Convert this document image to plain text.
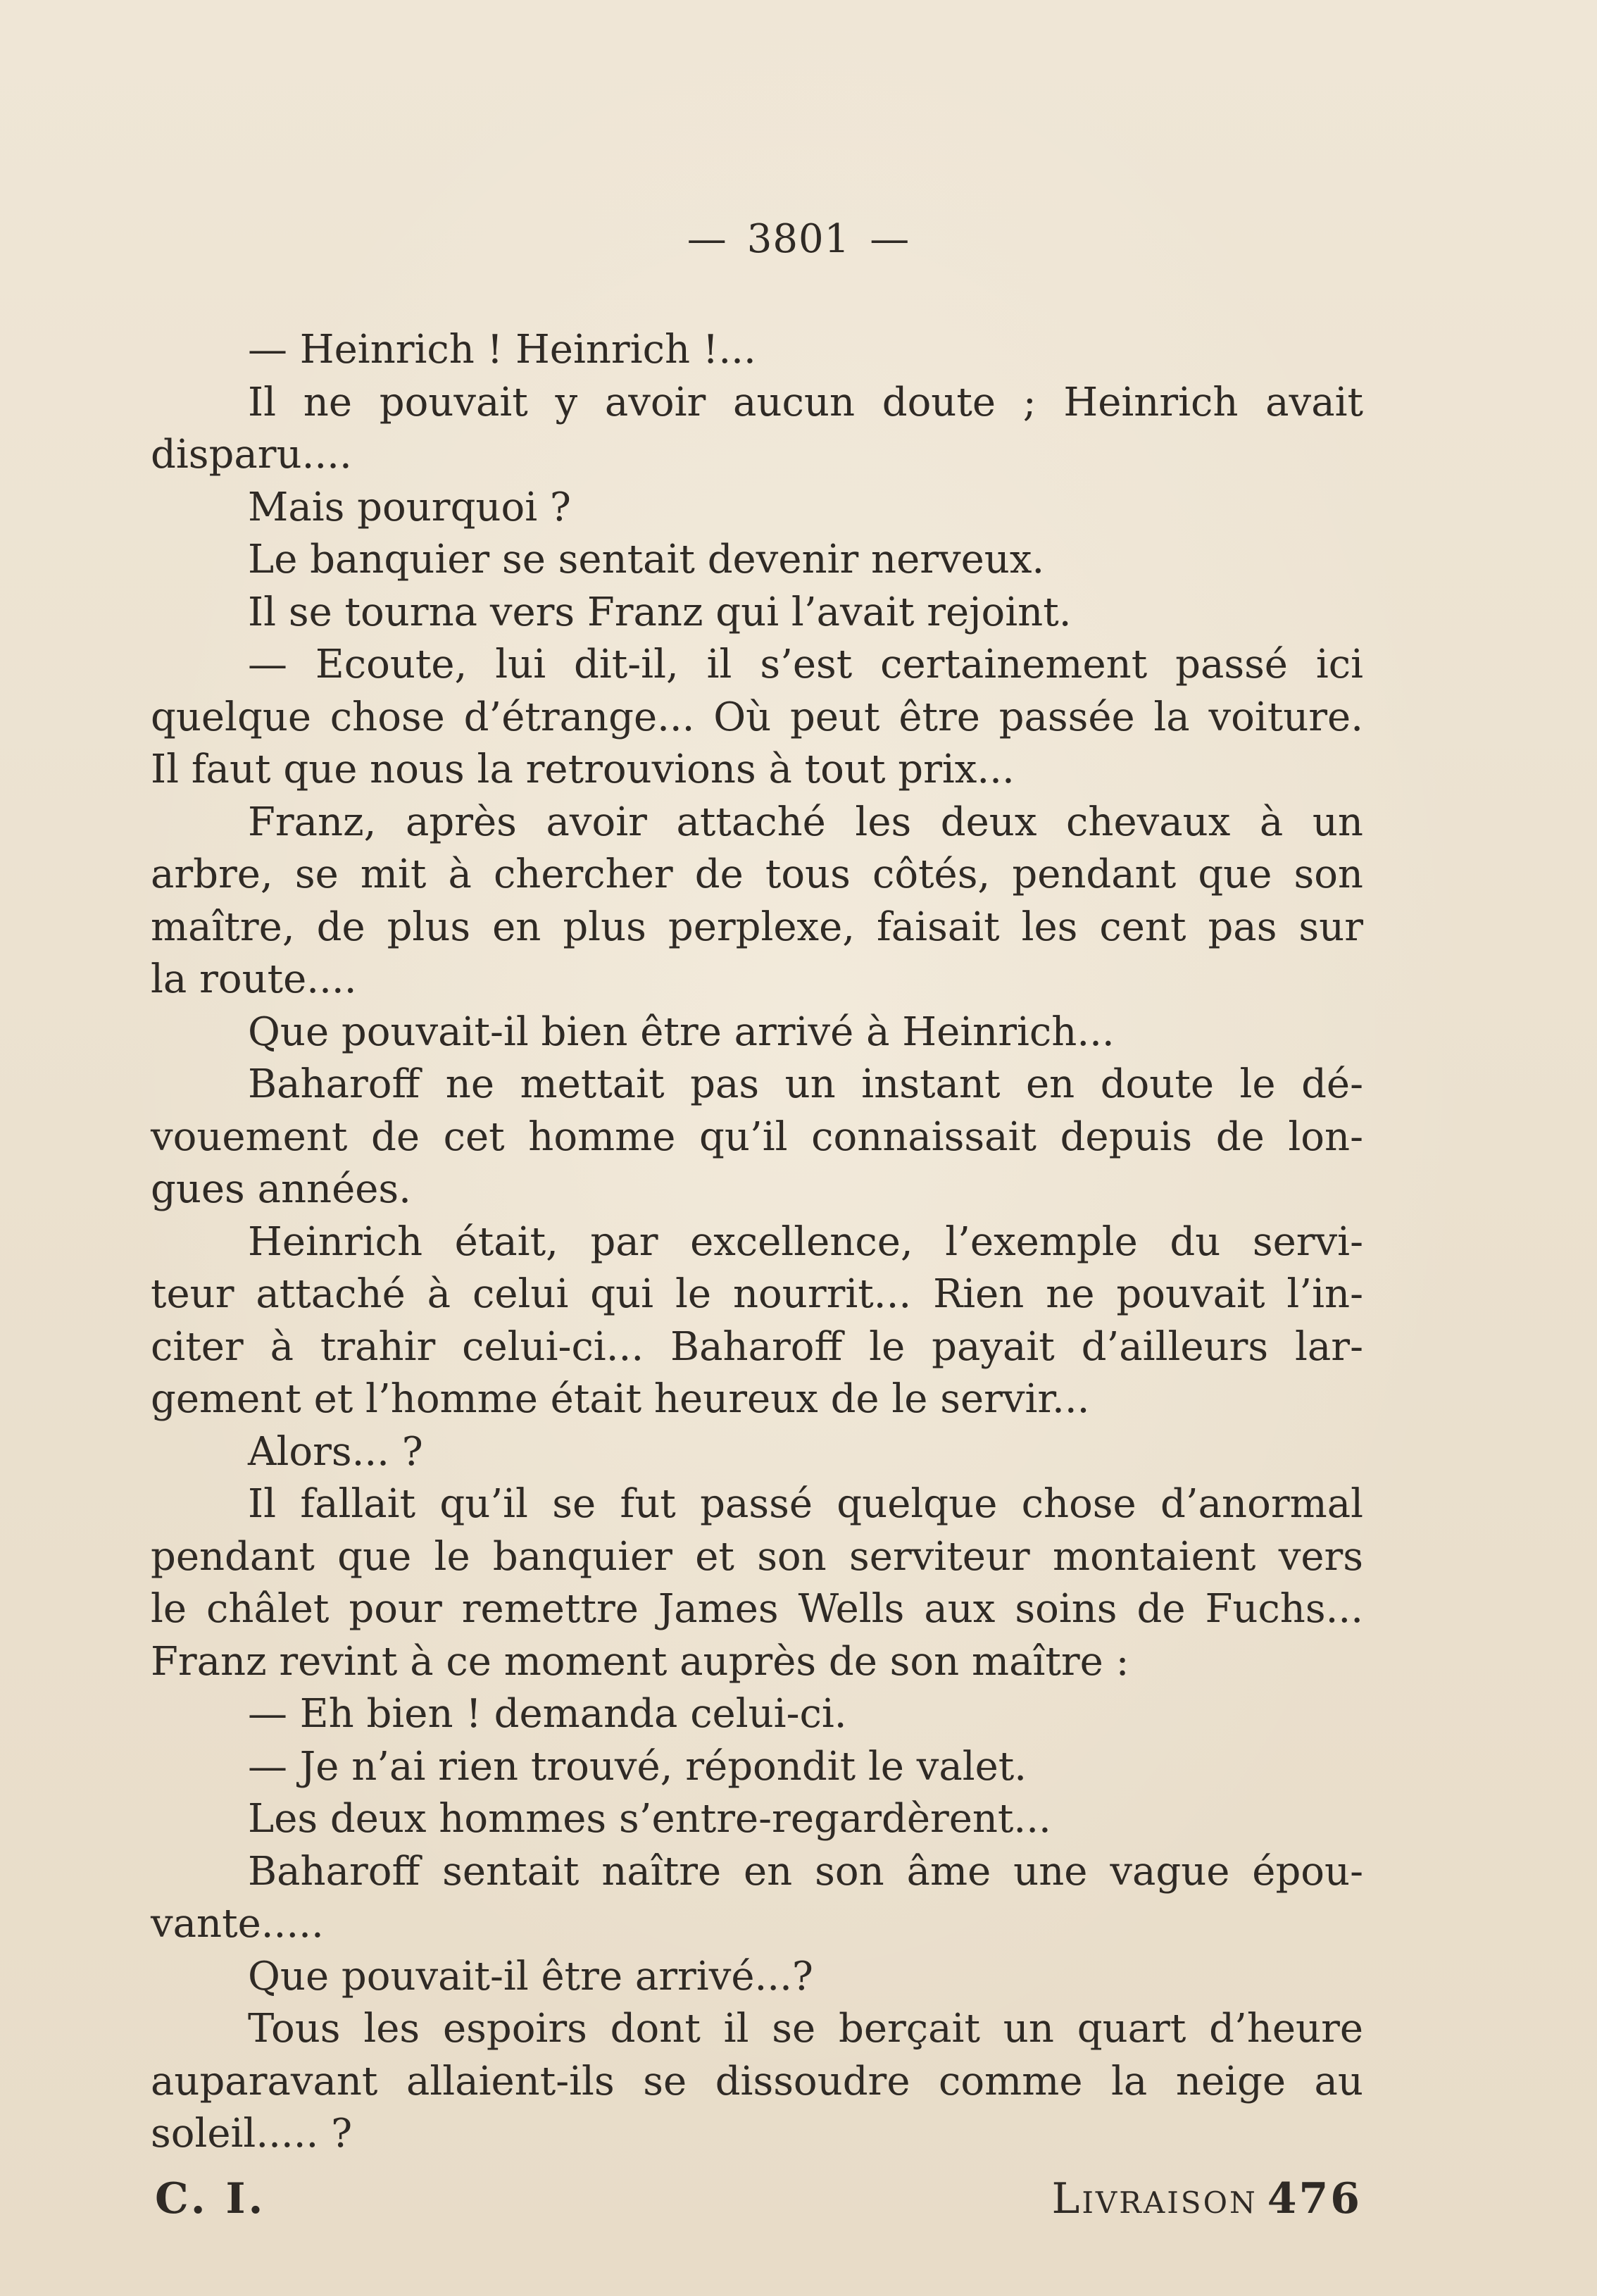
— 3801 —
— Heinrich ! Heinrich !...
Il ne pouvait y avoir aucun doute ; Heinrich avait
disparu....
Mais pourquoi ?
Le banquier se sentait devenir nerveux.
Il se tourna vers Franz qui l’avait rejoint.
— Ecoute, lui dit-il, il s’est certainement passé ici
quelque chose d’étrange... Où peut être passée la voiture.
Il faut que nous la retrouvions à tout prix...
Franz, après avoir attaché les deux chevaux à un
arbre, se mit à chercher de tous côtés, pendant que son
maître, de plus en plus perplexe, faisait les cent pas sur
la route....
Que pouvait-il bien être arrivé à Heinrich...
Baharoff ne mettait pas un instant en doute le dé-
vouement de cet homme qu’il connaissait depuis de lon-
gues années.
Heinrich était, par excellence, l’exemple du servi-
teur attaché à celui qui le nourrit... Rien ne pouvait l’in-
citer à trahir celui-ci... Baharoff le payait d’ailleurs lar-
gement et l’homme était heureux de le servir...
Alors... ?
Il fallait qu’il se fut passé quelque chose d’anormal
pendant que le banquier et son serviteur montaient vers
le châlet pour remettre James Wells aux soins de Fuchs...
Franz revint à ce moment auprès de son maître :
— Eh bien ! demanda celui-ci.
— Je n’ai rien trouvé, répondit le valet.
Les deux hommes s’entre-regardèrent...
Baharoff sentait naître en son âme une vague épou-
vante.....
Que pouvait-il être arrivé...?
Tous les espoirs dont il se berçait un quart d’heure
auparavant allaient-ils se dissoudre comme la neige au
soleil..... ?
C. I.	Livraison 476
